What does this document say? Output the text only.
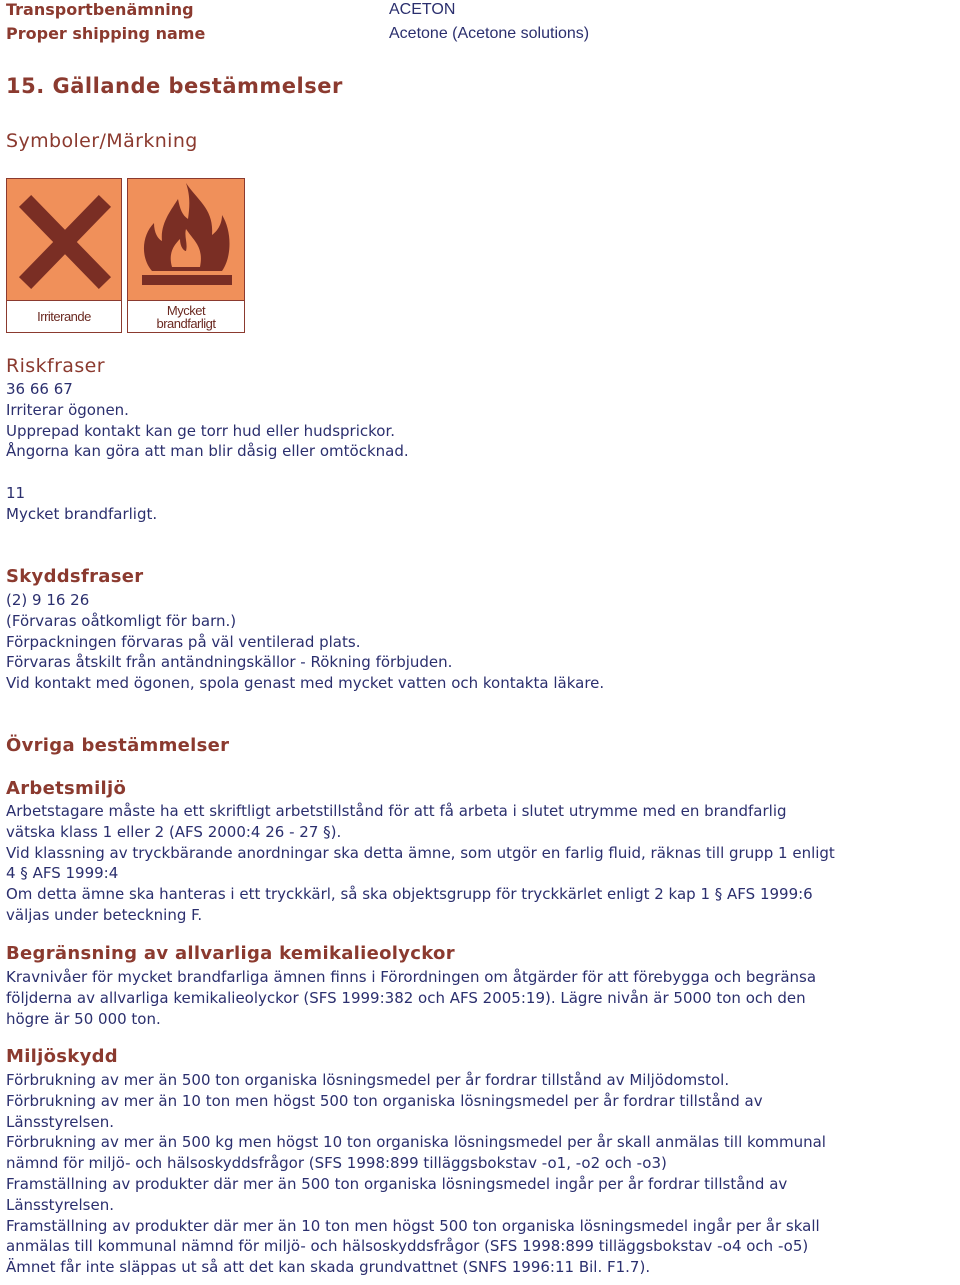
Transportbenämning	ACETON
Proper shipping name	Acetone (Acetone solutions)
15. Gällande bestämmelser
Symboler/Märkning
Irriterande	Mycket
brandfarligt
Riskfraser
36 66 67
Irriterar ögonen.
Upprepad kontakt kan ge torr hud eller hudsprickor.
Ångorna kan göra att man blir dåsig eller omtöcknad.
11
Mycket brandfarligt.
Skyddsfraser
(2) 9 16 26
(Förvaras oåtkomligt för barn.)
Förpackningen förvaras på väl ventilerad plats.
Förvaras åtskilt från antändningskällor - Rökning förbjuden.
Vid kontakt med ögonen, spola genast med mycket vatten och kontakta läkare.
Övriga bestämmelser
Arbetsmiljö
Arbetstagare måste ha ett skriftligt arbetstillstånd för att få arbeta i slutet utrymme med en brandfarlig
vätska klass 1 eller 2 (AFS 2000:4 26 - 27 §).
Vid klassning av tryckbärande anordningar ska detta ämne, som utgör en farlig fluid, räknas till grupp 1 enligt
4 § AFS 1999:4
Om detta ämne ska hanteras i ett tryckkärl, så ska objektsgrupp för tryckkärlet enligt 2 kap 1 § AFS 1999:6
väljas under beteckning F.
Begränsning av allvarliga kemikalieolyckor
Kravnivåer för mycket brandfarliga ämnen finns i Förordningen om åtgärder för att förebygga och begränsa
följderna av allvarliga kemikalieolyckor (SFS 1999:382 och AFS 2005:19). Lägre nivån är 5000 ton och den
högre är 50 000 ton.
Miljöskydd
Förbrukning av mer än 500 ton organiska lösningsmedel per år fordrar tillstånd av Miljödomstol.
Förbrukning av mer än 10 ton men högst 500 ton organiska lösningsmedel per år fordrar tillstånd av
Länsstyrelsen.
Förbrukning av mer än 500 kg men högst 10 ton organiska lösningsmedel per år skall anmälas till kommunal
nämnd för miljö- och hälsoskyddsfrågor (SFS 1998:899 tilläggsbokstav -o1, -o2 och -o3)
Framställning av produkter där mer än 500 ton organiska lösningsmedel ingår per år fordrar tillstånd av
Länsstyrelsen.
Framställning av produkter där mer än 10 ton men högst 500 ton organiska lösningsmedel ingår per år skall
anmälas till kommunal nämnd för miljö- och hälsoskyddsfrågor (SFS 1998:899 tilläggsbokstav -o4 och -o5)
Ämnet får inte släppas ut så att det kan skada grundvattnet (SNFS 1996:11 Bil. F1.7).
